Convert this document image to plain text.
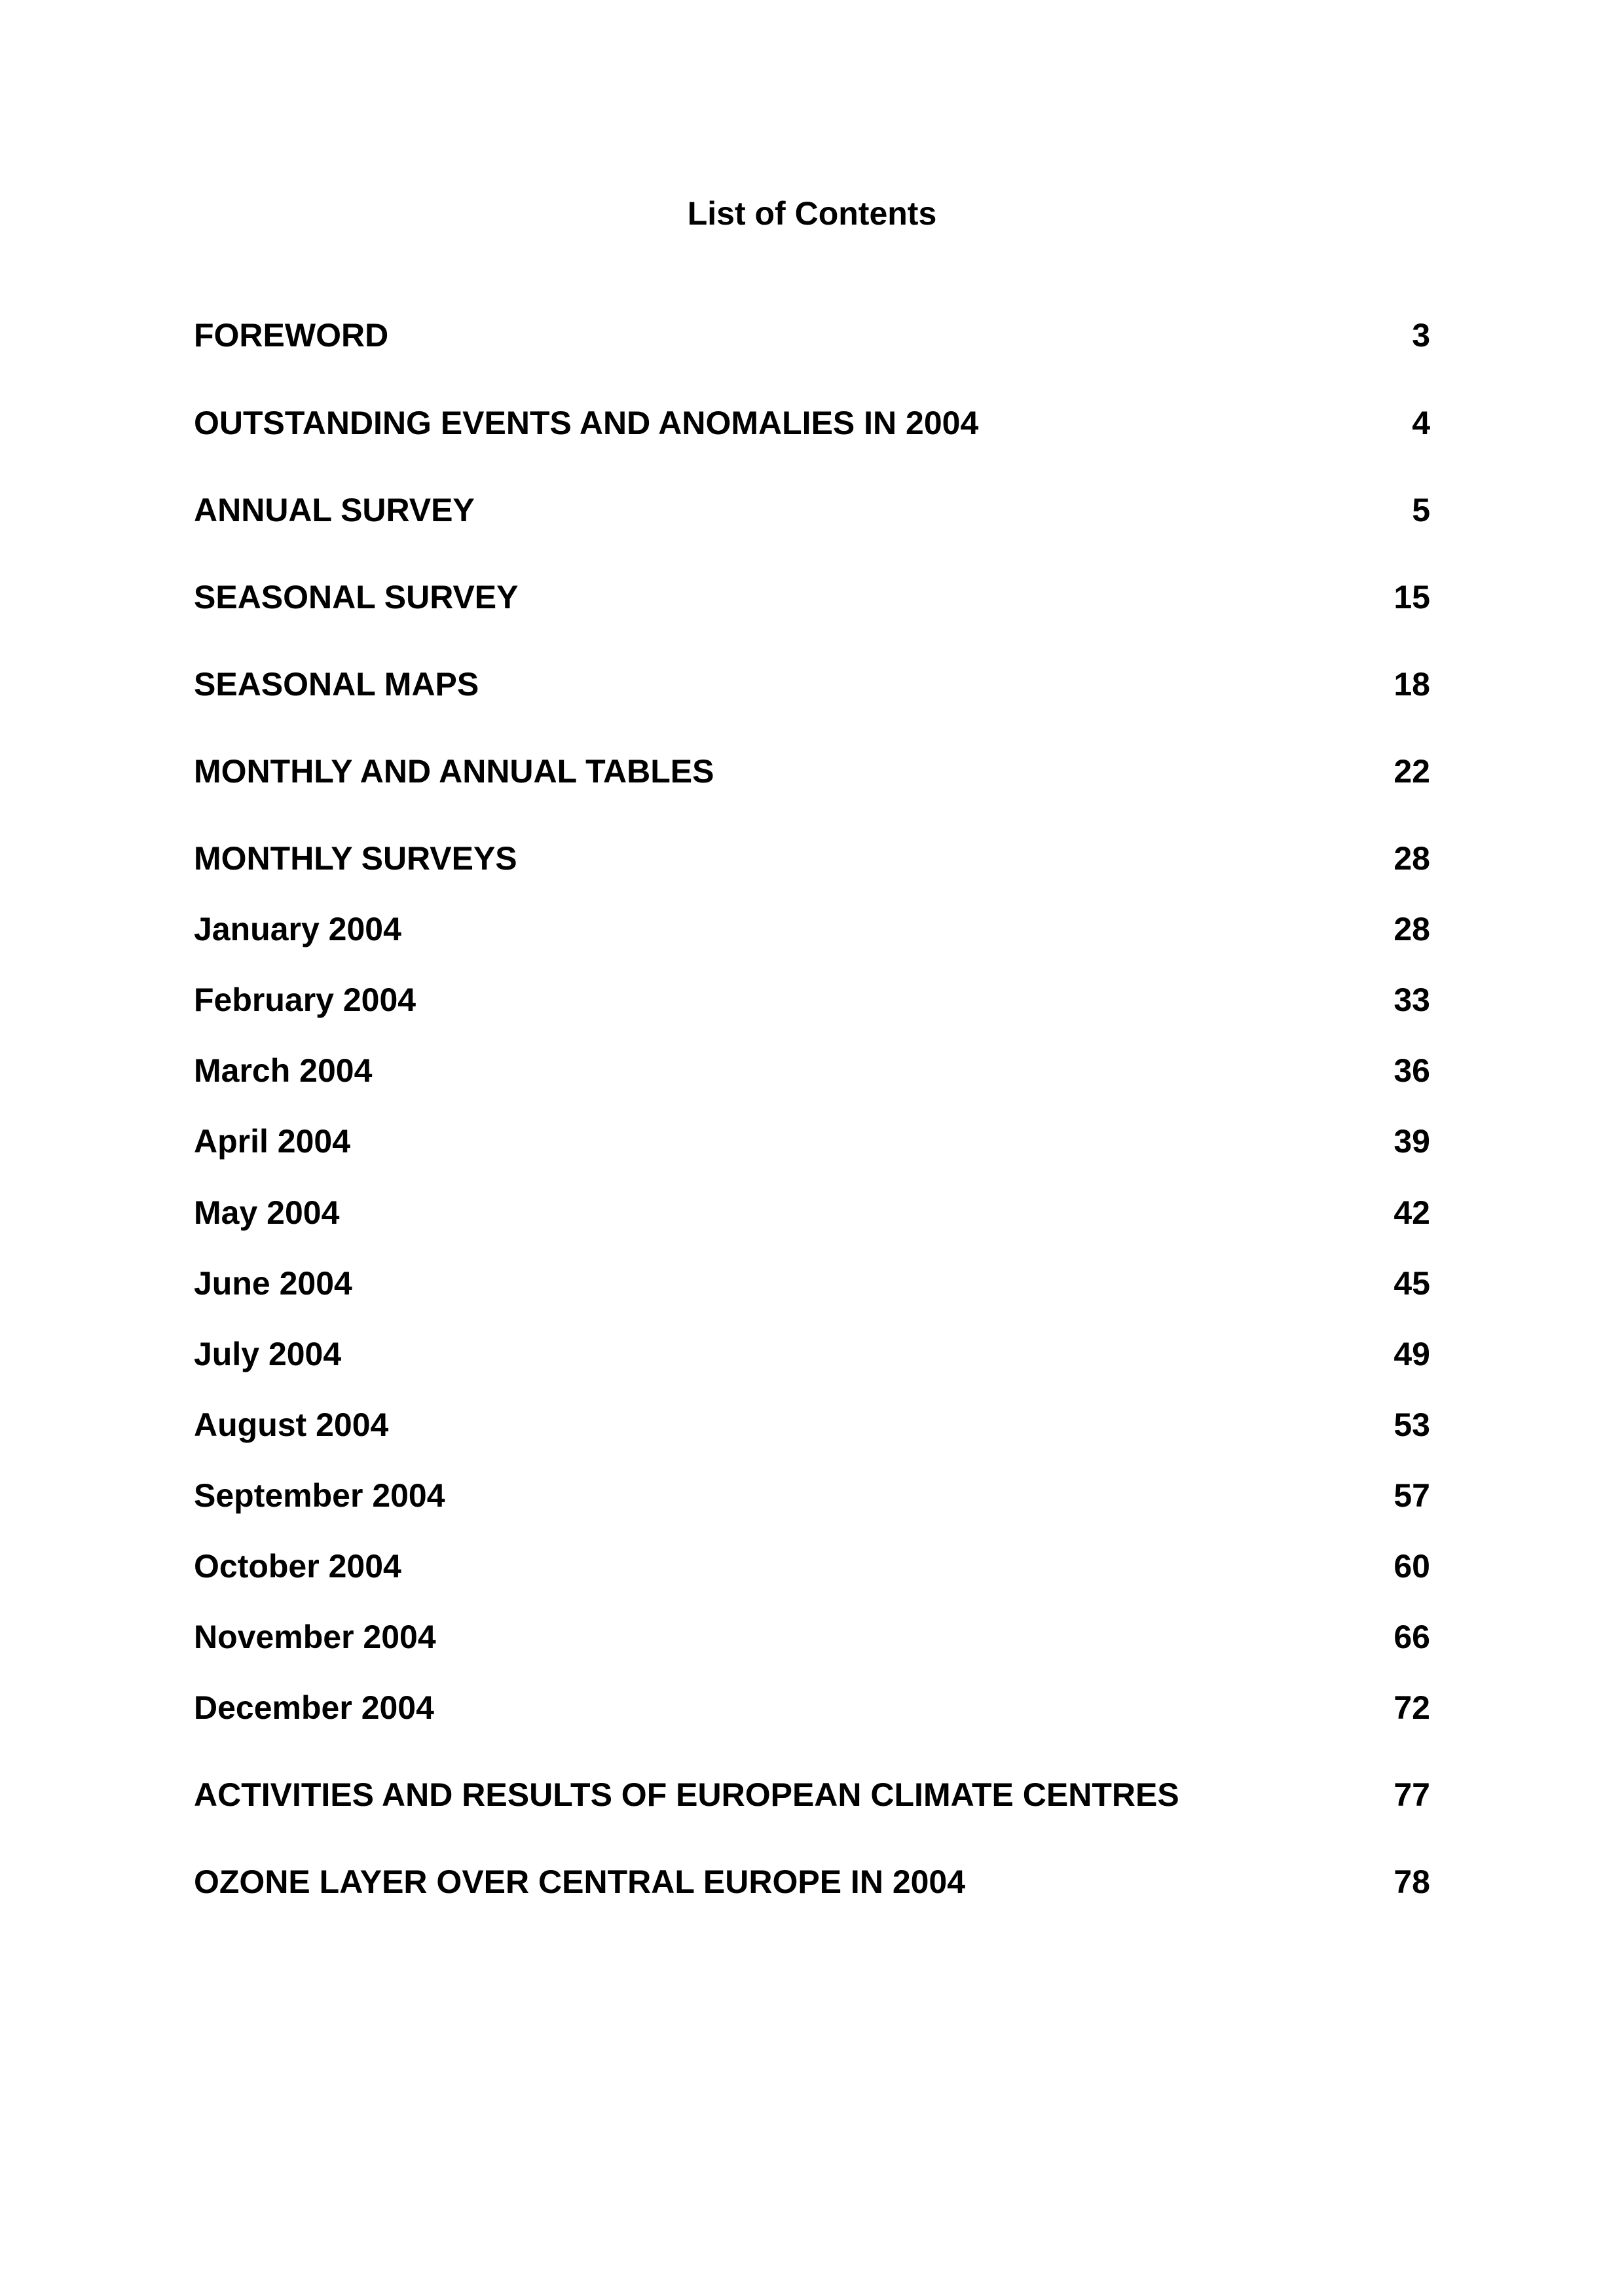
List of Contents
FOREWORD	3
OUTSTANDING EVENTS AND ANOMALIES IN 2004	4
ANNUAL SURVEY	5
SEASONAL SURVEY	15
SEASONAL MAPS	18
MONTHLY AND ANNUAL TABLES	22
MONTHLY SURVEYS	28
January 2004	28
February 2004	33
March 2004	36
April 2004	39
May 2004	42
June 2004	45
July 2004	49
August 2004	53
September 2004	57
October 2004	60
November 2004	66
December 2004	72
ACTIVITIES AND RESULTS OF EUROPEAN CLIMATE CENTRES	77
OZONE LAYER OVER CENTRAL EUROPE IN 2004	78
